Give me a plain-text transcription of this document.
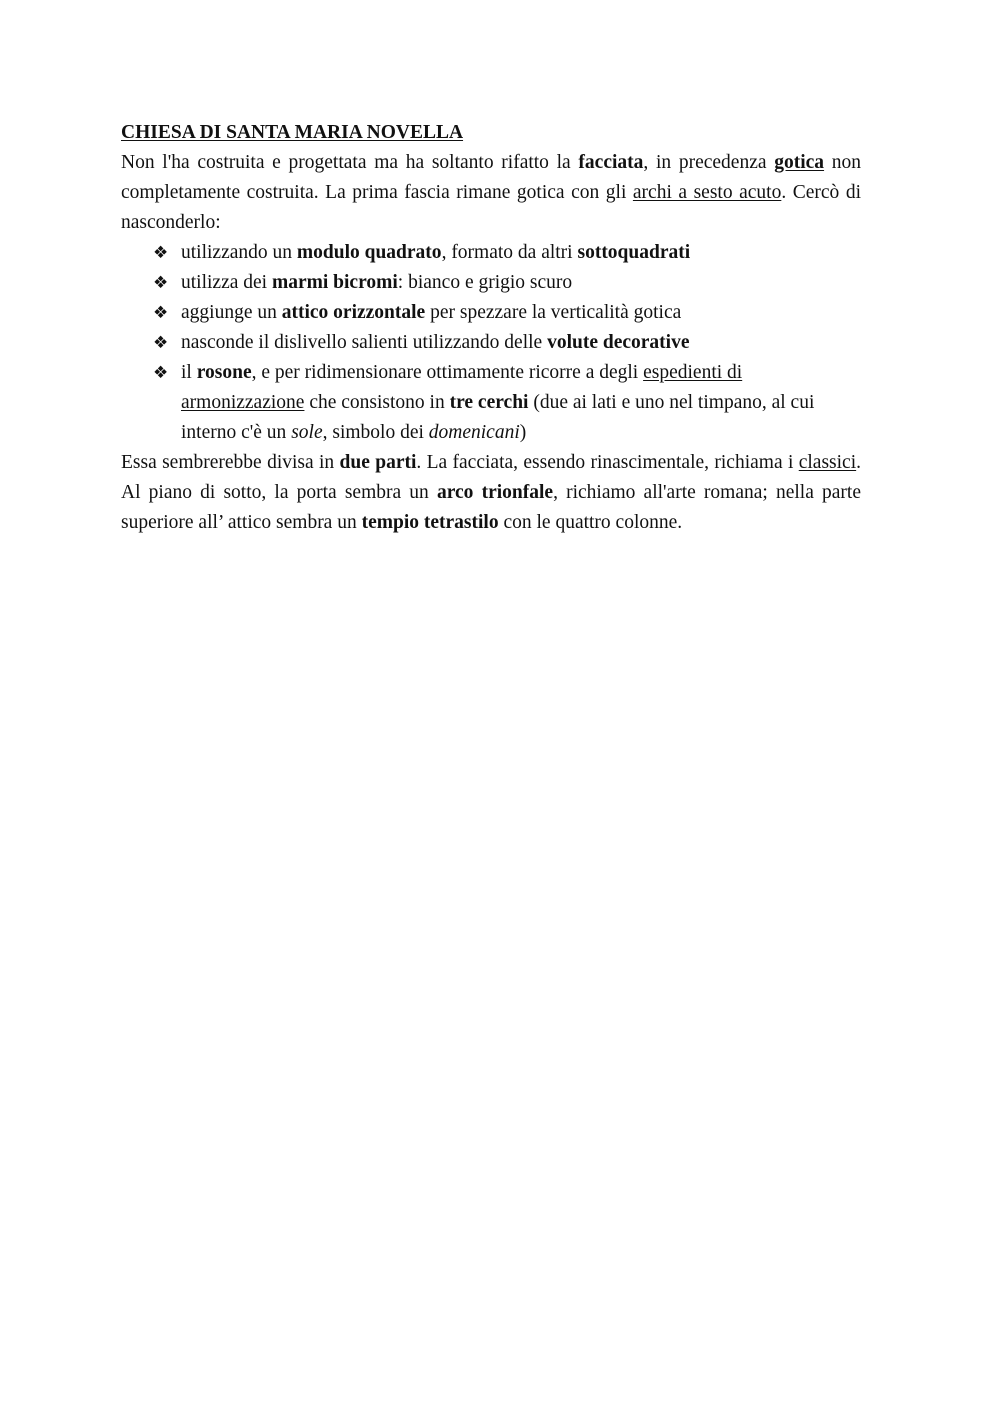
CHIESA DI SANTA MARIA NOVELLA

Non l'ha costruita e progettata ma ha soltanto rifatto la facciata, in precedenza gotica non completamente costruita. La prima fascia rimane gotica con gli archi a sesto acuto. Cercò di nasconderlo:

❖ utilizzando un modulo quadrato, formato da altri sottoquadrati
❖ utilizza dei marmi bicromi: bianco e grigio scuro
❖ aggiunge un attico orizzontale per spezzare la verticalità gotica
❖ nasconde il dislivello salienti utilizzando delle volute decorative
❖ il rosone, e per ridimensionare ottimamente ricorre a degli espedienti di armonizzazione che consistono in tre cerchi (due ai lati e uno nel timpano, al cui interno c'è un sole, simbolo dei domenicani)

Essa sembrerebbe divisa in due parti. La facciata, essendo rinascimentale, richiama i classici. Al piano di sotto, la porta sembra un arco trionfale, richiamo all'arte romana; nella parte superiore all’ attico sembra un tempio tetrastilo con le quattro colonne.
